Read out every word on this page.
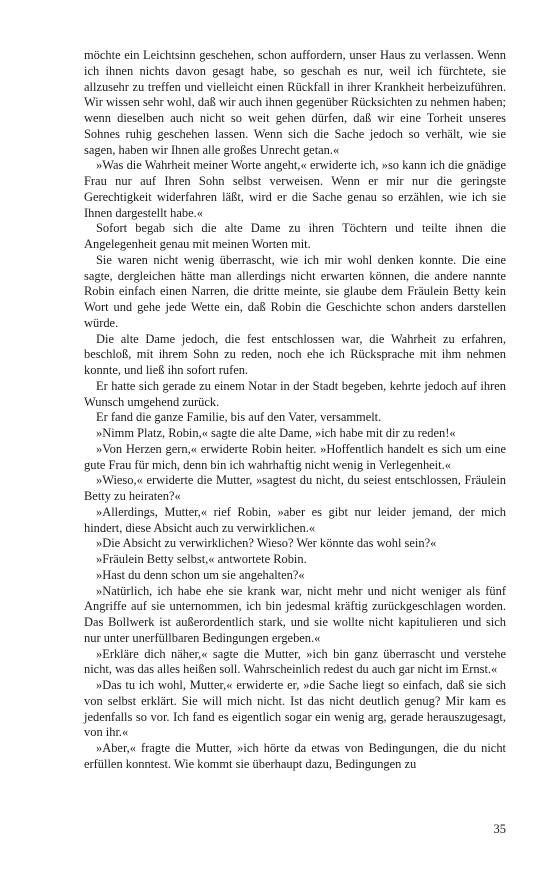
möchte ein Leichtsinn geschehen, schon auffordern, unser Haus zu verlassen. Wenn ich ihnen nichts davon gesagt habe, so geschah es nur, weil ich fürchtete, sie allzusehr zu treffen und vielleicht einen Rückfall in ihrer Krankheit herbeizuführen. Wir wissen sehr wohl, daß wir auch ihnen gegenüber Rücksichten zu nehmen haben; wenn dieselben auch nicht so weit gehen dürfen, daß wir eine Torheit unseres Sohnes ruhig geschehen lassen. Wenn sich die Sache jedoch so verhält, wie sie sagen, haben wir Ihnen alle großes Unrecht getan.«

»Was die Wahrheit meiner Worte angeht,« erwiderte ich, »so kann ich die gnädige Frau nur auf Ihren Sohn selbst verweisen. Wenn er mir nur die geringste Gerechtigkeit widerfahren läßt, wird er die Sache genau so erzählen, wie ich sie Ihnen dargestellt habe.«

Sofort begab sich die alte Dame zu ihren Töchtern und teilte ihnen die Angelegenheit genau mit meinen Worten mit.

Sie waren nicht wenig überrascht, wie ich mir wohl denken konnte. Die eine sagte, dergleichen hätte man allerdings nicht erwarten können, die andere nannte Robin einfach einen Narren, die dritte meinte, sie glaube dem Fräulein Betty kein Wort und gehe jede Wette ein, daß Robin die Geschichte schon anders darstellen würde.

Die alte Dame jedoch, die fest entschlossen war, die Wahrheit zu erfahren, beschloß, mit ihrem Sohn zu reden, noch ehe ich Rücksprache mit ihm nehmen konnte, und ließ ihn sofort rufen.

Er hatte sich gerade zu einem Notar in der Stadt begeben, kehrte jedoch auf ihren Wunsch umgehend zurück.

Er fand die ganze Familie, bis auf den Vater, versammelt.

»Nimm Platz, Robin,« sagte die alte Dame, »ich habe mit dir zu reden!«

»Von Herzen gern,« erwiderte Robin heiter. »Hoffentlich handelt es sich um eine gute Frau für mich, denn bin ich wahrhaftig nicht wenig in Verlegenheit.«

»Wieso,« erwiderte die Mutter, »sagtest du nicht, du seiest entschlossen, Fräulein Betty zu heiraten?«

»Allerdings, Mutter,« rief Robin, »aber es gibt nur leider jemand, der mich hindert, diese Absicht auch zu verwirklichen.«

»Die Absicht zu verwirklichen? Wieso? Wer könnte das wohl sein?«

»Fräulein Betty selbst,« antwortete Robin.

»Hast du denn schon um sie angehalten?«

»Natürlich, ich habe ehe sie krank war, nicht mehr und nicht weniger als fünf Angriffe auf sie unternommen, ich bin jedesmal kräftig zurückgeschlagen worden. Das Bollwerk ist außerordentlich stark, und sie wollte nicht kapitulieren und sich nur unter unerfüllbaren Bedingungen ergeben.«

»Erkläre dich näher,« sagte die Mutter, »ich bin ganz überrascht und verstehe nicht, was das alles heißen soll. Wahrscheinlich redest du auch gar nicht im Ernst.«

»Das tu ich wohl, Mutter,« erwiderte er, »die Sache liegt so einfach, daß sie sich von selbst erklärt. Sie will mich nicht. Ist das nicht deutlich genug? Mir kam es jedenfalls so vor. Ich fand es eigentlich sogar ein wenig arg, gerade herauszugesagt, von ihr.«

»Aber,« fragte die Mutter, »ich hörte da etwas von Bedingungen, die du nicht erfüllen konntest. Wie kommt sie überhaupt dazu, Bedingungen zu

35
